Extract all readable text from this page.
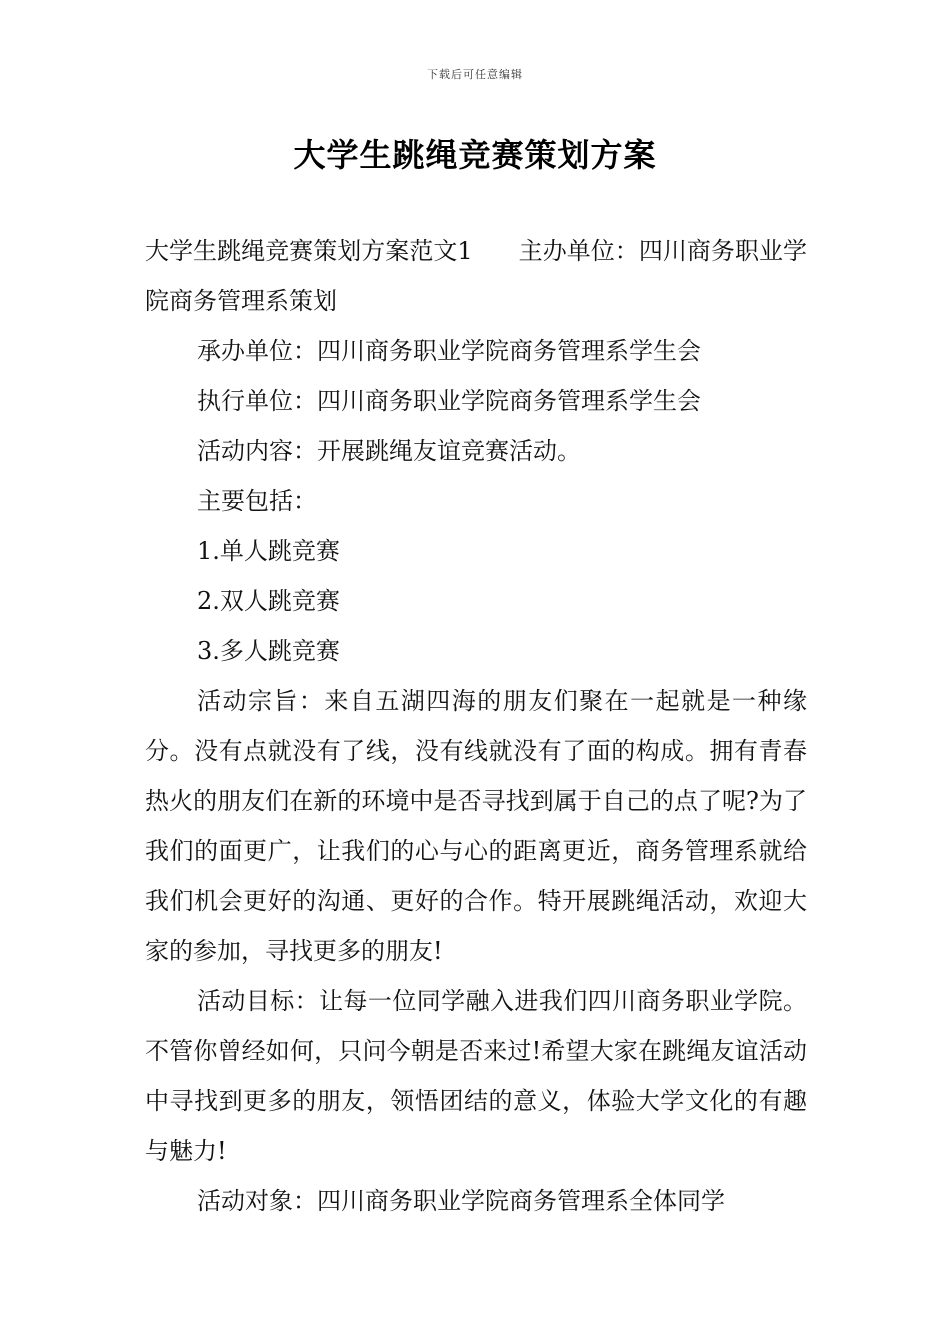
下载后可任意编辑
大学生跳绳竞赛策划方案

大学生跳绳竞赛策划方案范文1 主办单位：四川商务职业学院商务管理系策划

承办单位：四川商务职业学院商务管理系学生会

执行单位：四川商务职业学院商务管理系学生会

活动内容：开展跳绳友谊竞赛活动。

主要包括：

1.单人跳竞赛

2.双人跳竞赛

3.多人跳竞赛

活动宗旨：来自五湖四海的朋友们聚在一起就是一种缘分。没有点就没有了线，没有线就没有了面的构成。拥有青春热火的朋友们在新的环境中是否寻找到属于自己的点了呢?为了我们的面更广，让我们的心与心的距离更近，商务管理系就给我们机会更好的沟通、更好的合作。特开展跳绳活动，欢迎大家的参加，寻找更多的朋友!

活动目标：让每一位同学融入进我们四川商务职业学院。不管你曾经如何，只问今朝是否来过!希望大家在跳绳友谊活动中寻找到更多的朋友，领悟团结的意义，体验大学文化的有趣与魅力!

活动对象：四川商务职业学院商务管理系全体同学
